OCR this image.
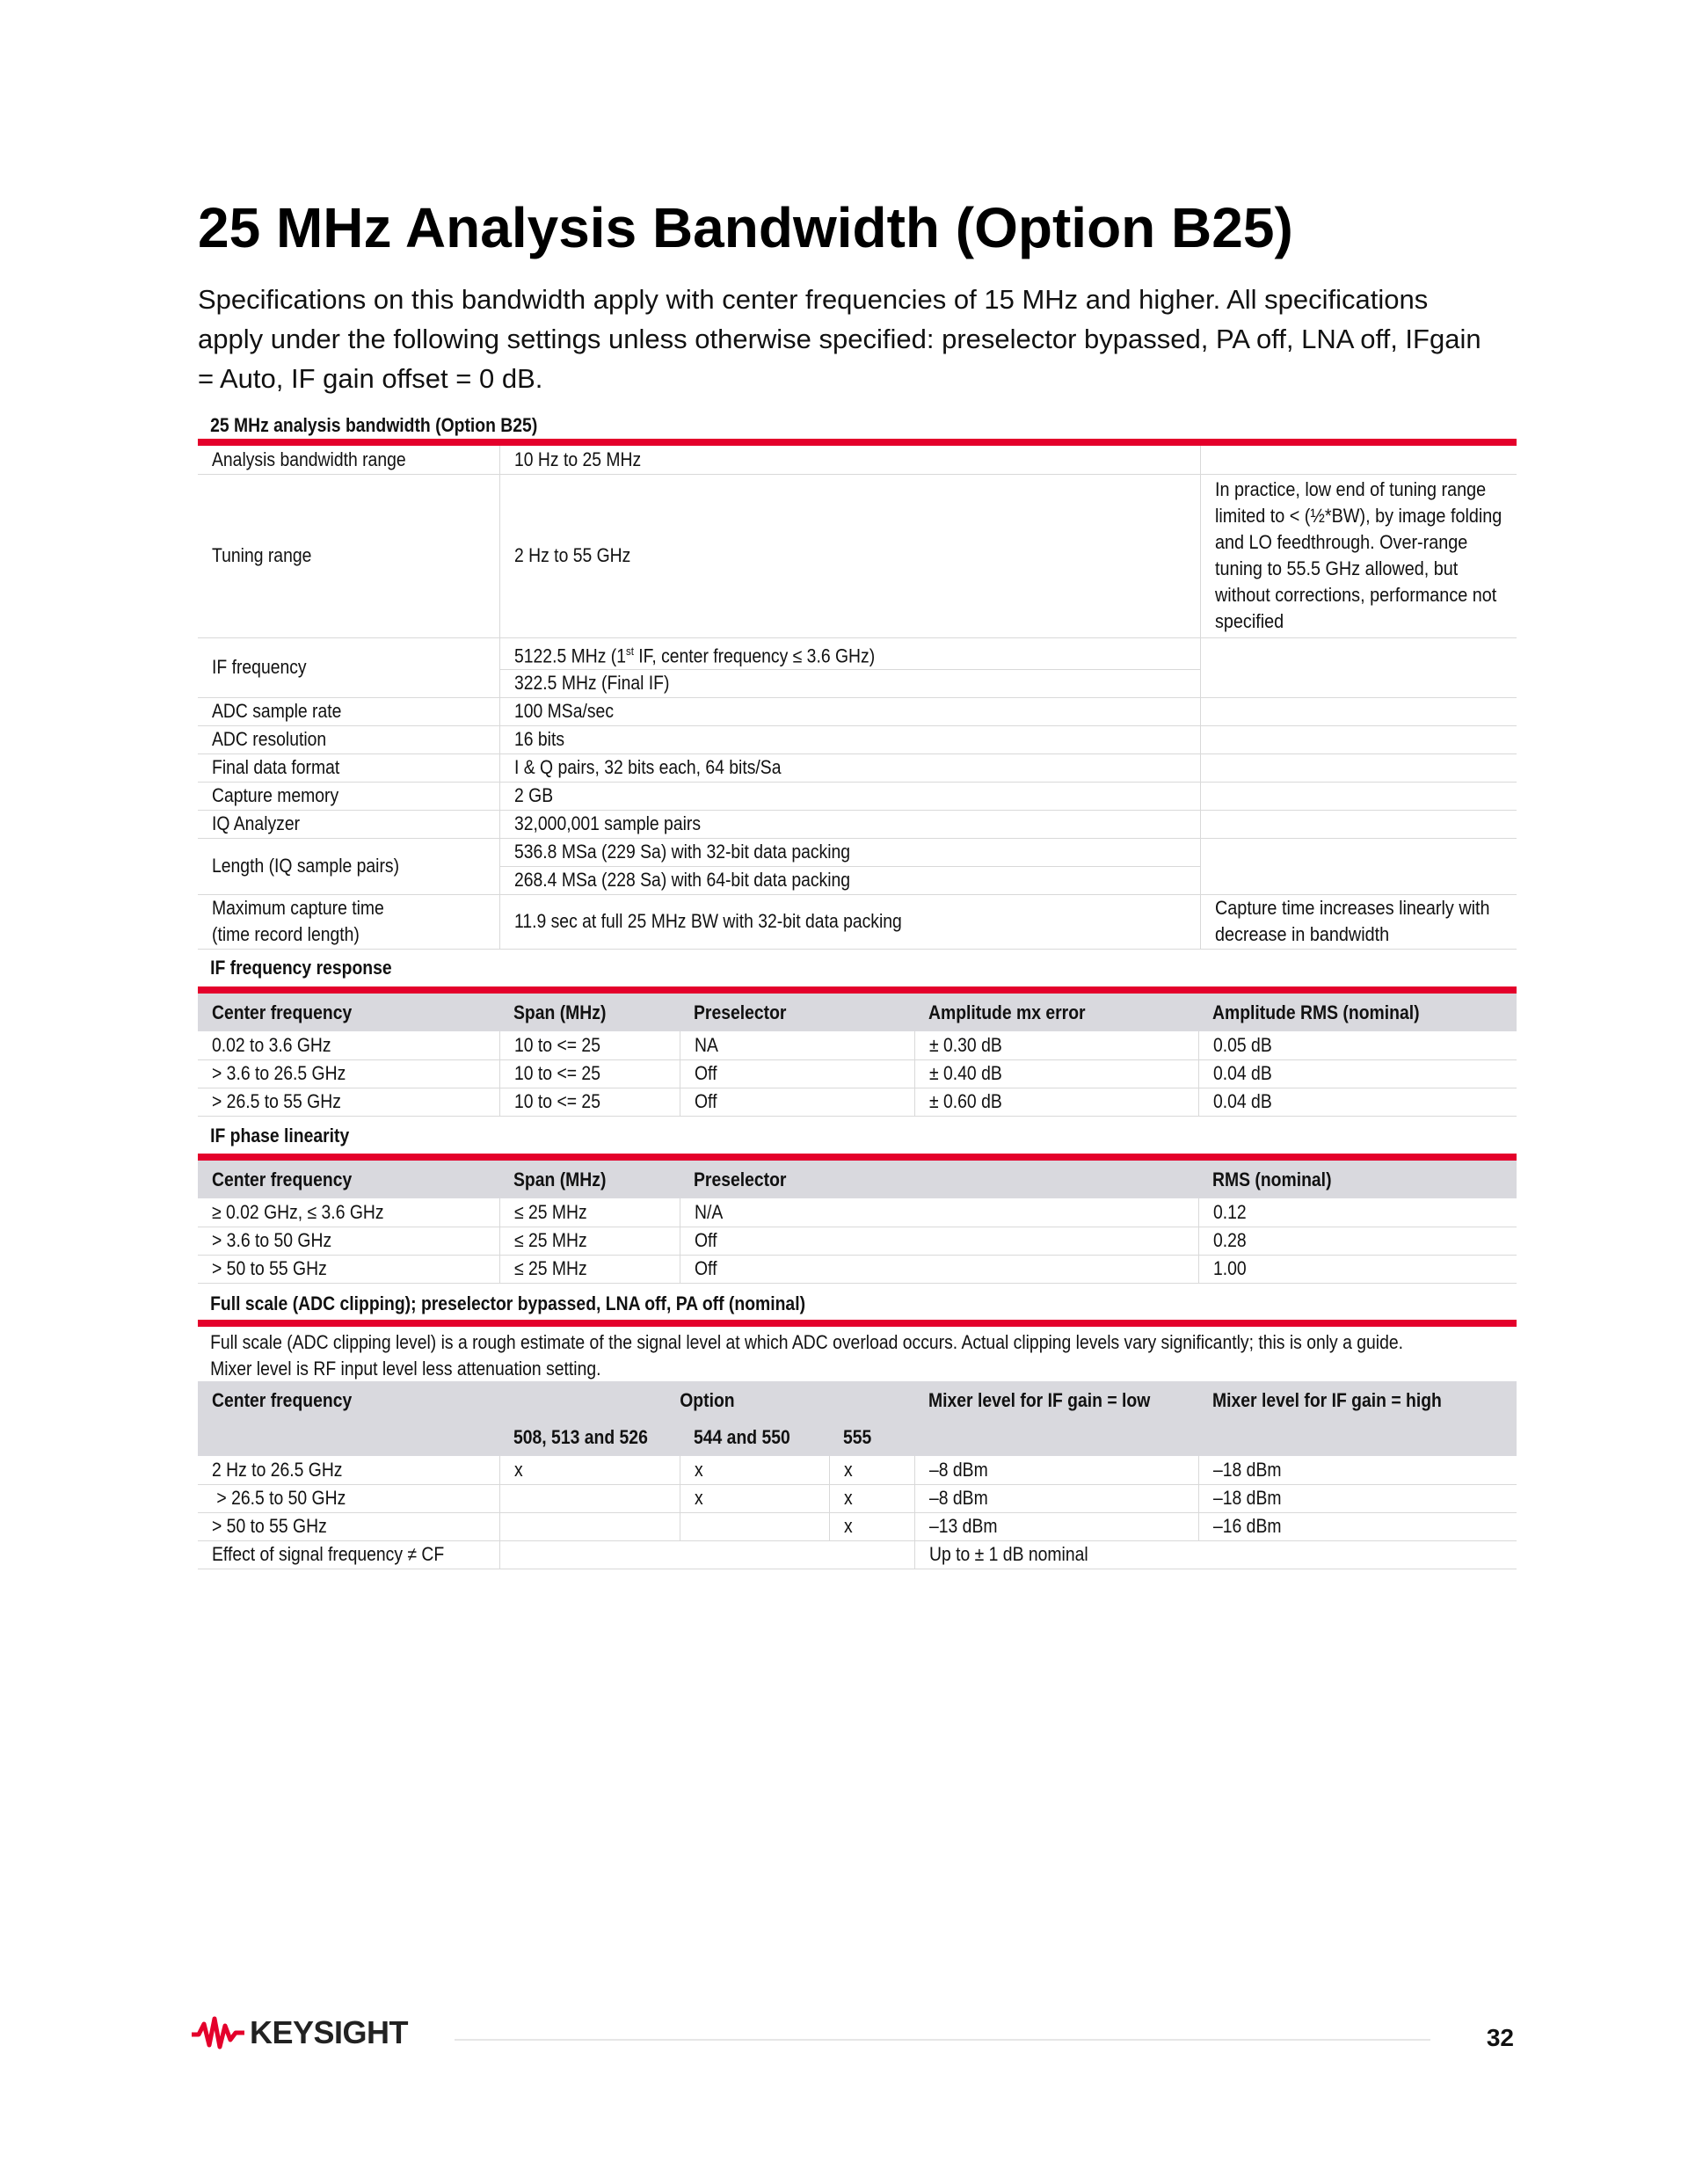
25 MHz Analysis Bandwidth (Option B25)

Specifications on this bandwidth apply with center frequencies of 15 MHz and higher. All specifications apply under the following settings unless otherwise specified: preselector bypassed, PA off, LNA off, IFgain = Auto, IF gain offset = 0 dB.

25 MHz analysis bandwidth (Option B25)
Analysis bandwidth range	10 Hz to 25 MHz	
Tuning range	2 Hz to 55 GHz	In practice, low end of tuning range limited to < (½*BW), by image folding and LO feedthrough. Over-range tuning to 55.5 GHz allowed, but without corrections, performance not specified

IF frequency	5122.5 MHz (1st IF, center frequency ≤ 3.6 GHz)	
	322.5 MHz (Final IF)	
ADC sample rate	100 MSa/sec	
ADC resolution	16 bits	
Final data format	I & Q pairs, 32 bits each, 64 bits/Sa	
Capture memory	2 GB	
IQ Analyzer	32,000,001 sample pairs	
Length (IQ sample pairs)	536.8 MSa (229 Sa) with 32-bit data packing	
	268.4 MSa (228 Sa) with 64-bit data packing	
Maximum capture time
(time record length)	11.9 sec at full 25 MHz BW with 32-bit data packing	Capture time increases linearly with decrease in bandwidth
IF frequency response
Center frequency	Span (MHz)	Preselector	Amplitude mx error	Amplitude RMS (nominal)
0.02 to 3.6 GHz	10 to <= 25	NA	± 0.30 dB	0.05 dB
> 3.6 to 26.5 GHz	10 to <= 25	Off	± 0.40 dB	0.04 dB
> 26.5 to 55 GHz	10 to <= 25	Off	± 0.60 dB	0.04 dB
IF phase linearity
Center frequency	Span (MHz)	Preselector	RMS (nominal)
≥ 0.02 GHz, ≤ 3.6 GHz	≤ 25 MHz	N/A	0.12
> 3.6 to 50 GHz	≤ 25 MHz	Off	0.28
> 50 to 55 GHz	≤ 25 MHz	Off	1.00
Full scale (ADC clipping); preselector bypassed, LNA off, PA off (nominal)
Full scale (ADC clipping level) is a rough estimate of the signal level at which ADC overload occurs. Actual clipping levels vary significantly; this is only a guide.
Mixer level is RF input level less attenuation setting.
Center frequency	Option			Mixer level for IF gain = low	Mixer level for IF gain = high
	508, 513 and 526	544 and 550	555		
2 Hz to 26.5 GHz	x	x	x	–8 dBm	–18 dBm
> 26.5 to 50 GHz		x	x	–8 dBm	–18 dBm
> 50 to 55 GHz			x	–13 dBm	–16 dBm
Effect of signal frequency ≠ CF				Up to ± 1 dB nominal	
KEYSIGHT	32
